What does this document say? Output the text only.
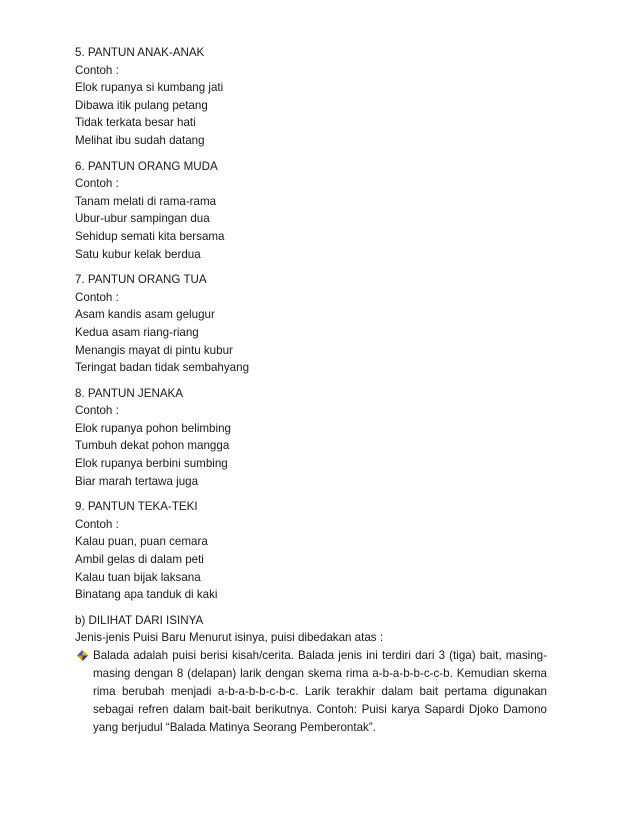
5. PANTUN ANAK-ANAK
Contoh :
Elok rupanya si kumbang jati
Dibawa itik pulang petang
Tidak terkata besar hati
Melihat ibu sudah datang
6. PANTUN ORANG MUDA
Contoh :
Tanam melati di rama-rama
Ubur-ubur sampingan dua
Sehidup semati kita bersama
Satu kubur kelak berdua
7. PANTUN ORANG TUA
Contoh :
Asam kandis asam gelugur
Kedua asam riang-riang
Menangis mayat di pintu kubur
Teringat badan tidak sembahyang
8. PANTUN JENAKA
Contoh :
Elok rupanya pohon belimbing
Tumbuh dekat pohon mangga
Elok rupanya berbini sumbing
Biar marah tertawa juga
9. PANTUN TEKA-TEKI
Contoh :
Kalau puan, puan cemara
Ambil gelas di dalam peti
Kalau tuan bijak laksana
Binatang apa tanduk di kaki
b) DILIHAT DARI ISINYA
Jenis-jenis Puisi Baru Menurut isinya, puisi dibedakan atas :
Balada adalah puisi berisi kisah/cerita. Balada jenis ini terdiri dari 3 (tiga) bait, masing-masing dengan 8 (delapan) larik dengan skema rima a-b-a-b-b-c-c-b. Kemudian skema rima berubah menjadi a-b-a-b-b-c-b-c. Larik terakhir dalam bait pertama digunakan sebagai refren dalam bait-bait berikutnya. Contoh: Puisi karya Sapardi Djoko Damono yang berjudul “Balada Matinya Seorang Pemberontak”.
